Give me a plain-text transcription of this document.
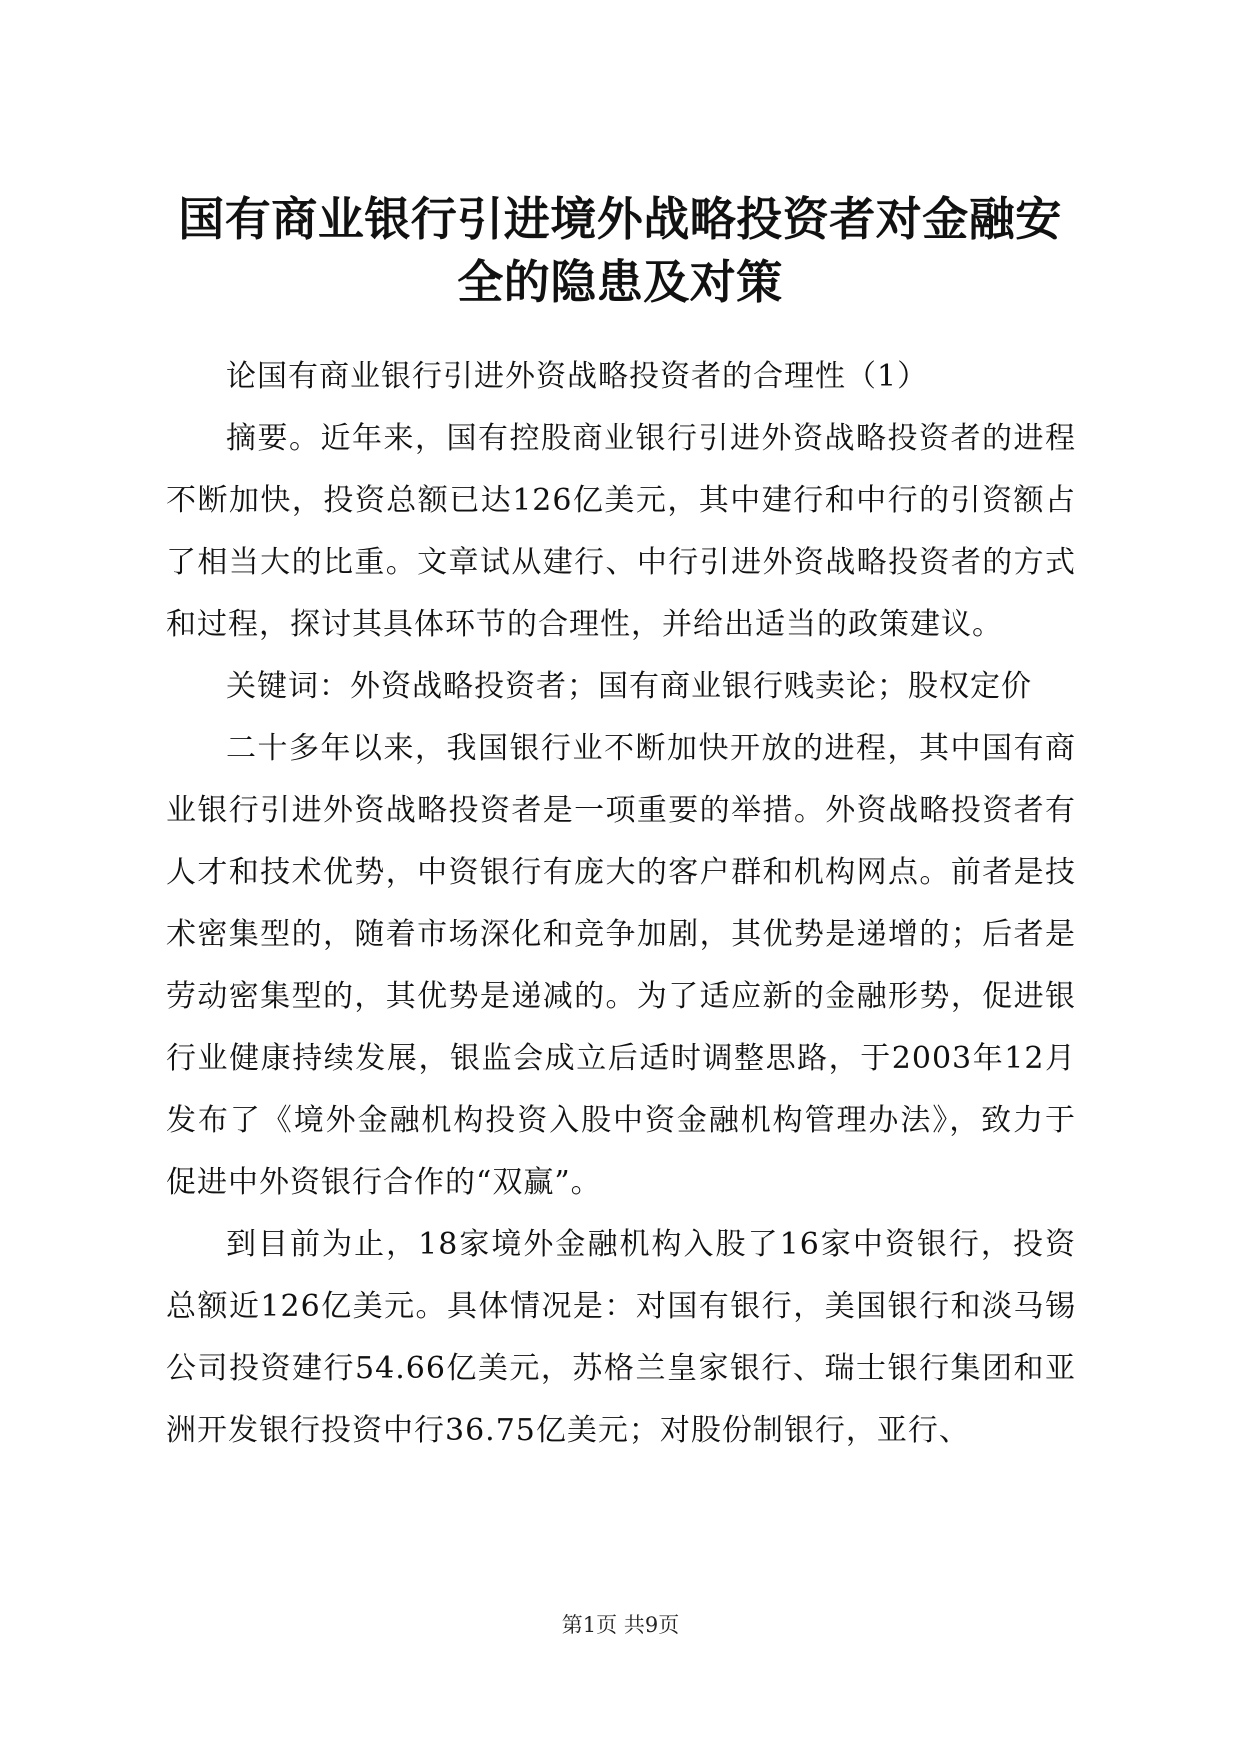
国有商业银行引进境外战略投资者对金融安全的隐患及对策

论国有商业银行引进外资战略投资者的合理性（1）

摘要。近年来，国有控股商业银行引进外资战略投资者的进程不断加快，投资总额已达126亿美元，其中建行和中行的引资额占了相当大的比重。文章试从建行、中行引进外资战略投资者的方式和过程，探讨其具体环节的合理性，并给出适当的政策建议。

关键词：外资战略投资者；国有商业银行贱卖论；股权定价

二十多年以来，我国银行业不断加快开放的进程，其中国有商业银行引进外资战略投资者是一项重要的举措。外资战略投资者有人才和技术优势，中资银行有庞大的客户群和机构网点。前者是技术密集型的，随着市场深化和竞争加剧，其优势是递增的；后者是劳动密集型的，其优势是递减的。为了适应新的金融形势，促进银行业健康持续发展，银监会成立后适时调整思路，于2003年12月发布了《境外金融机构投资入股中资金融机构管理办法》，致力于促进中外资银行合作的“双赢”。

到目前为止，18家境外金融机构入股了16家中资银行，投资总额近126亿美元。具体情况是：对国有银行，美国银行和淡马锡公司投资建行54.66亿美元，苏格兰皇家银行、瑞士银行集团和亚洲开发银行投资中行36.75亿美元；对股份制银行，亚行、

第1页 共9页
